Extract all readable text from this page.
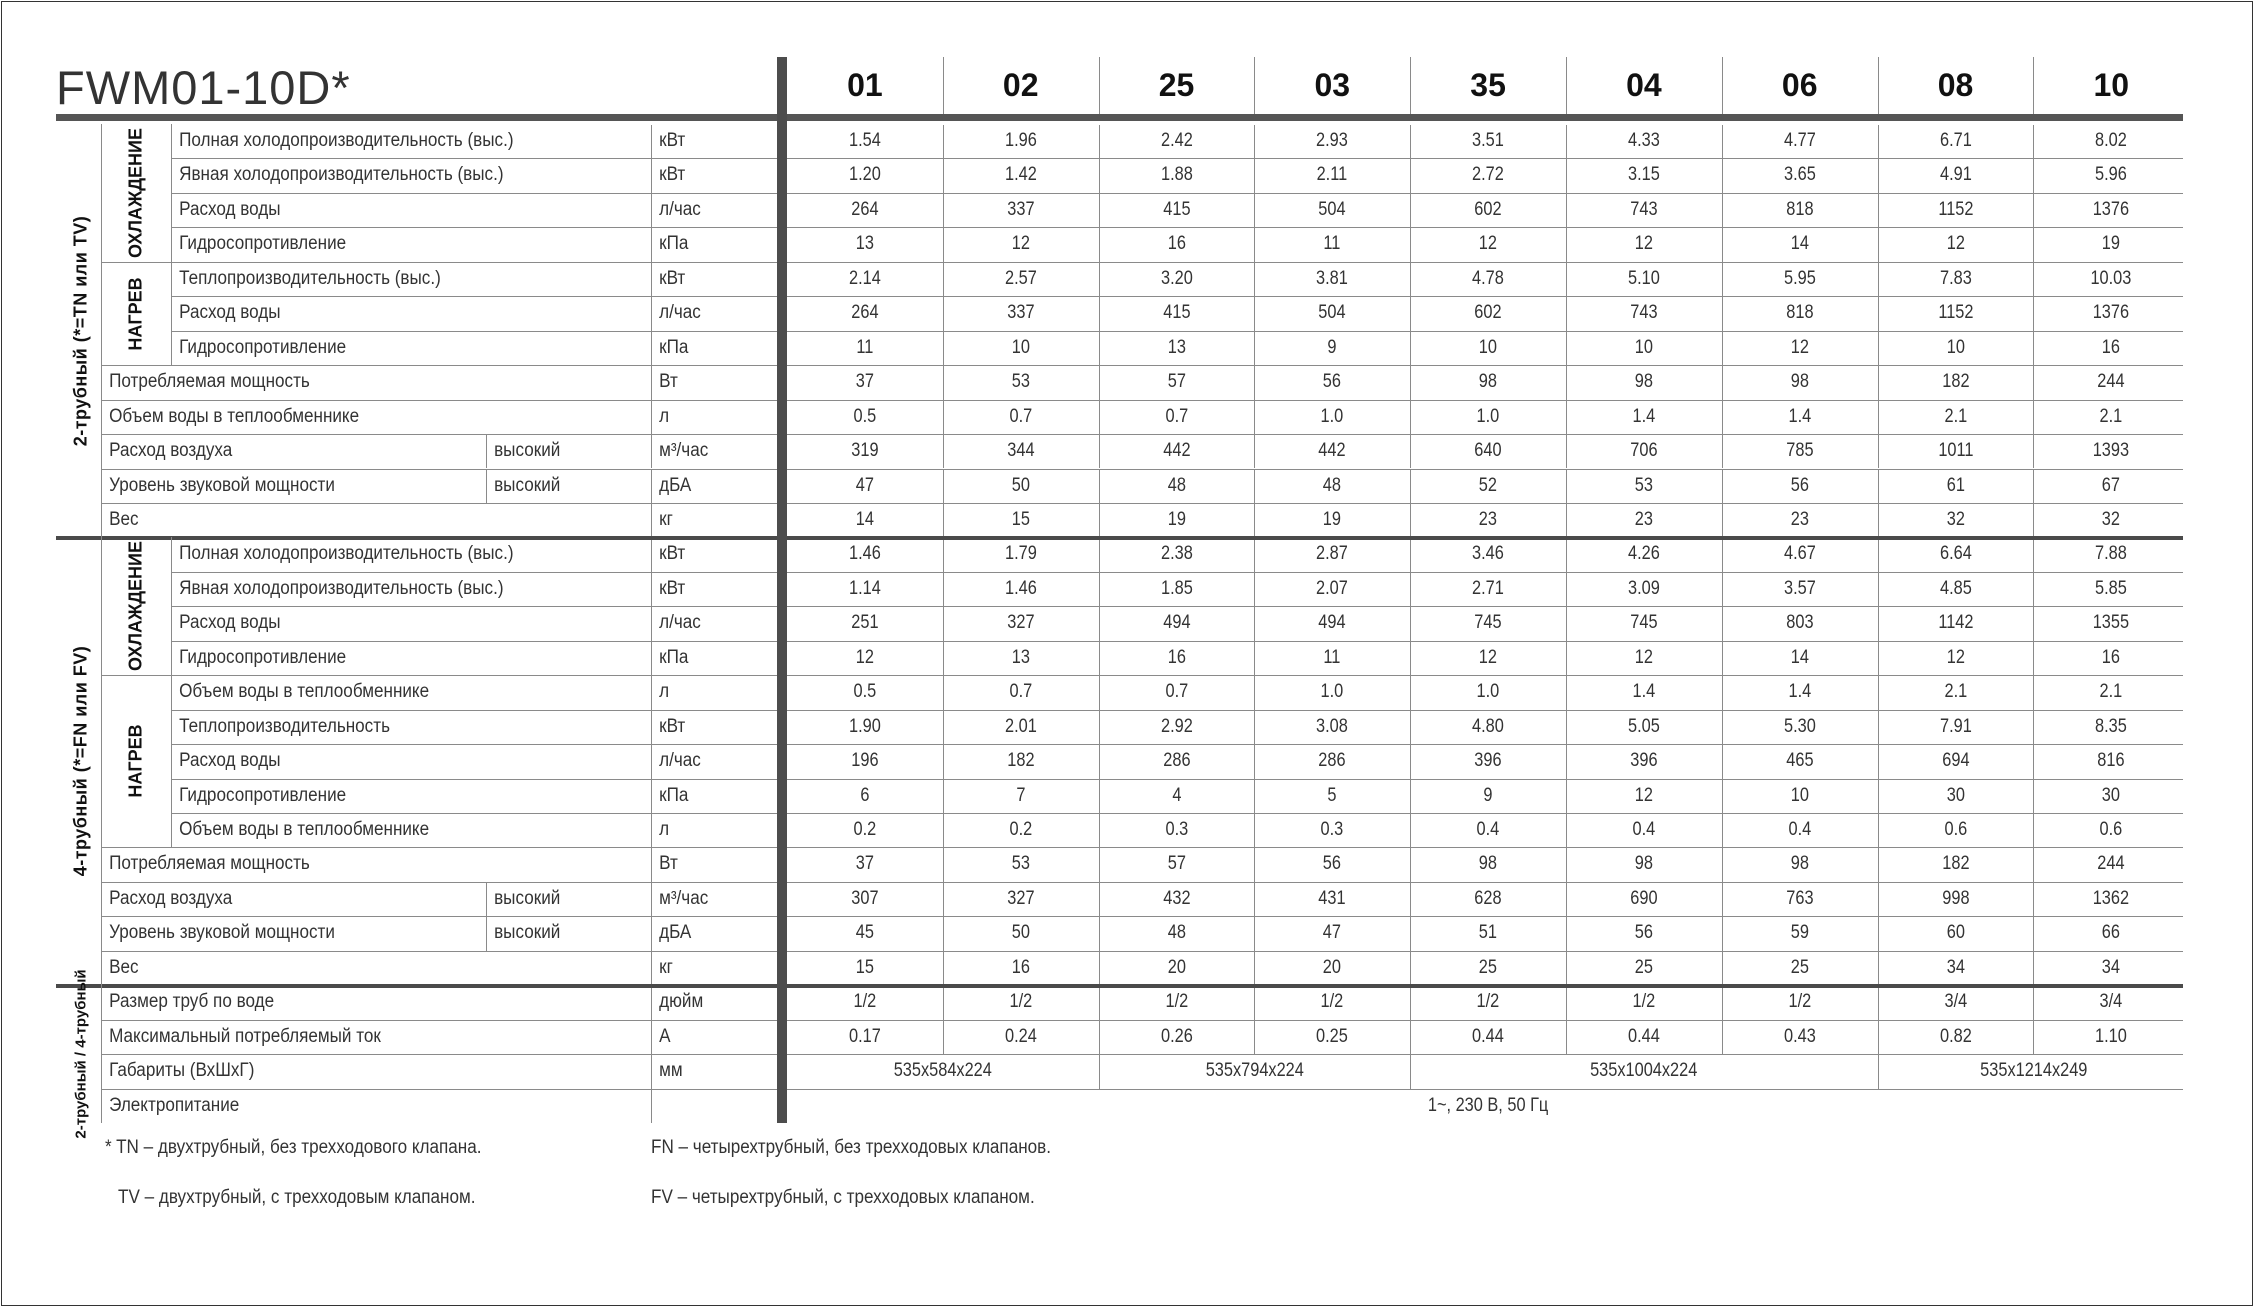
FWM01-10D*	01	02	25	03	35	04	06	08	10
Полная холодопроизводительность (выс.)	кВт	1.54	1.96	2.42	2.93	3.51	4.33	4.77	6.71	8.02
Явная холодопроизводительность (выс.)	кВт	1.20	1.42	1.88	2.11	2.72	3.15	3.65	4.91	5.96
Расход воды	л/час	264	337	415	504	602	743	818	1152	1376
Гидросопротивление	кПа	13	12	16	11	12	12	14	12	19
Теплопроизводительность (выс.)	кВт	2.14	2.57	3.20	3.81	4.78	5.10	5.95	7.83	10.03
Расход воды	л/час	264	337	415	504	602	743	818	1152	1376
Гидросопротивление	кПа	11	10	13	9	10	10	12	10	16
Потребляемая мощность	Вт	37	53	57	56	98	98	98	182	244
Объем воды в теплообменнике	л	0.5	0.7	0.7	1.0	1.0	1.4	1.4	2.1	2.1
Расход воздуха	высокий	м³/час	319	344	442	442	640	706	785	1011	1393
Уровень звуковой мощности	высокий	дБА	47	50	48	48	52	53	56	61	67
Вес	кг	14	15	19	19	23	23	23	32	32
Полная холодопроизводительность (выс.)	кВт	1.46	1.79	2.38	2.87	3.46	4.26	4.67	6.64	7.88
Явная холодопроизводительность (выс.)	кВт	1.14	1.46	1.85	2.07	2.71	3.09	3.57	4.85	5.85
Расход воды	л/час	251	327	494	494	745	745	803	1142	1355
Гидросопротивление	кПа	12	13	16	11	12	12	14	12	16
Объем воды в теплообменнике	л	0.5	0.7	0.7	1.0	1.0	1.4	1.4	2.1	2.1
Теплопроизводительность	кВт	1.90	2.01	2.92	3.08	4.80	5.05	5.30	7.91	8.35
Расход воды	л/час	196	182	286	286	396	396	465	694	816
Гидросопротивление	кПа	6	7	4	5	9	12	10	30	30
Объем воды в теплообменнике	л	0.2	0.2	0.3	0.3	0.4	0.4	0.4	0.6	0.6
Потребляемая мощность	Вт	37	53	57	56	98	98	98	182	244
Расход воздуха	высокий	м³/час	307	327	432	431	628	690	763	998	1362
Уровень звуковой мощности	высокий	дБА	45	50	48	47	51	56	59	60	66
Вес	кг	15	16	20	20	25	25	25	34	34
Размер труб по воде	дюйм	1/2	1/2	1/2	1/2	1/2	1/2	1/2	3/4	3/4
Максимальный потребляемый ток	А	0.17	0.24	0.26	0.25	0.44	0.44	0.43	0.82	1.10
Габариты (ВхШхГ)	мм	535x584x224	535x794x224	535x1004x224	535x1214x249
Электропитание	1~, 230 В, 50 Гц
ОХЛАЖДЕНИЕ
НАГРЕВ
ОХЛАЖДЕНИЕ
НАГРЕВ
2-трубный (*=TN или TV)
4-трубный (*=FN или FV)
2-трубный / 4-трубный
* TN – двухтрубный, без трехходового клапана.
TV – двухтрубный, с трехходовым клапаном.
FN – четырехтрубный, без трехходовых клапанов.
FV – четырехтрубный, с трехходовых клапаном.
